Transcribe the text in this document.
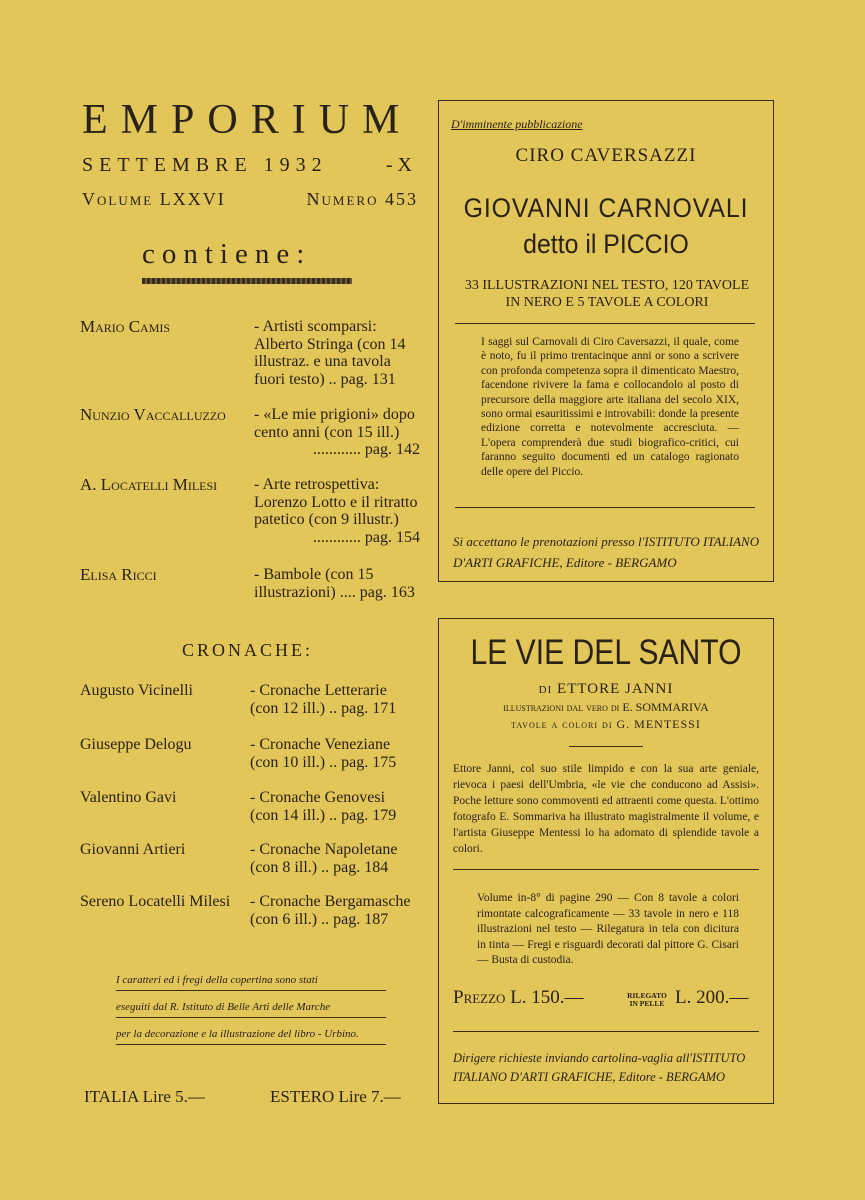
EMPORIUM
SETTEMBRE 1932	- X
Volume LXXVI	Numero 453
contiene:
Mario Camis	- Artisti scomparsi: Alberto Stringa (con 14 illustraz. e una tavola fuori testo) .. pag. 131
Nunzio Vaccalluzzo - «Le mie prigioni» dopo cento anni (con 15 ill.)
............ pag. 142
A. Locatelli Milesi - Arte retrospettiva: Lorenzo Lotto e il ritratto patetico (con 9 illustr.)
............ pag. 154
Elisa Ricci	- Bambole (con 15 illustrazioni) .... pag. 163
CRONACHE:
Augusto Vicinelli	- Cronache Letterarie
(con 12 ill.) .. pag. 171
Giuseppe Delogu	- Cronache Veneziane
(con 10 ill.) .. pag. 175
Valentino Gavi	- Cronache Genovesi
(con 14 ill.) .. pag. 179
Giovanni Artieri	- Cronache Napoletane
(con 8 ill.) .. pag. 184
Sereno Locatelli Milesi - Cronache Bergamasche
(con 6 ill.) .. pag. 187
I caratteri ed i fregi della copertina sono stati
eseguiti dal R. Istituto di Belle Arti delle Marche
per la decorazione e la illustrazione del libro - Urbino.
ITALIA Lire 5.—	ESTERO Lire 7.—
D'imminente pubblicazione
CIRO CAVERSAZZI
GIOVANNI CARNOVALI
detto il PICCIO
33 ILLUSTRAZIONI NEL TESTO, 120 TAVOLE IN NERO E 5 TAVOLE A COLORI
I saggi sul Carnovali di Ciro Caversazzi, il quale, come è noto, fu il primo trentacinque anni or sono a scrivere con profonda competenza sopra il dimenticato Maestro, facendone rivivere la fama e collocandolo al posto di precursore della maggiore arte italiana del secolo XIX, sono ormai esauritissimi e introvabili: donde la presente edizione corretta e notevolmente accresciuta. — L'opera comprenderà due studi biografico-critici, cui faranno seguito documenti ed un catalogo ragionato delle opere del Piccio.
Si accettano le prenotazioni presso l'ISTITUTO ITALIANO D'ARTI GRAFICHE, Editore - BERGAMO
LE VIE DEL SANTO
di ETTORE JANNI
illustrazioni dal vero di E. SOMMARIVA
tavole a colori di G. MENTESSI
Ettore Janni, col suo stile limpido e con la sua arte geniale, rievoca i paesi dell'Umbria, «le vie che conducono ad Assisi». Poche letture sono commoventi ed attraenti come questa. L'ottimo fotografo E. Sommariva ha illustrato magistralmente il volume, e l'artista Giuseppe Mentessi lo ha adornato di splendide tavole a colori.
Volume in-8° di pagine 290 — Con 8 tavole a colori rimontate calcograficamente — 33 tavole in nero e 118 illustrazioni nel testo — Rilegatura in tela con dicitura in tinta — Fregi e risguardi decorati dal pittore G. Cisari — Busta di custodia.
Prezzo L. 150.—	RILEGATO IN PELLE L. 200.—
Dirigere richieste inviando cartolina-vaglia all'ISTITUTO ITALIANO D'ARTI GRAFICHE, Editore - BERGAMO
